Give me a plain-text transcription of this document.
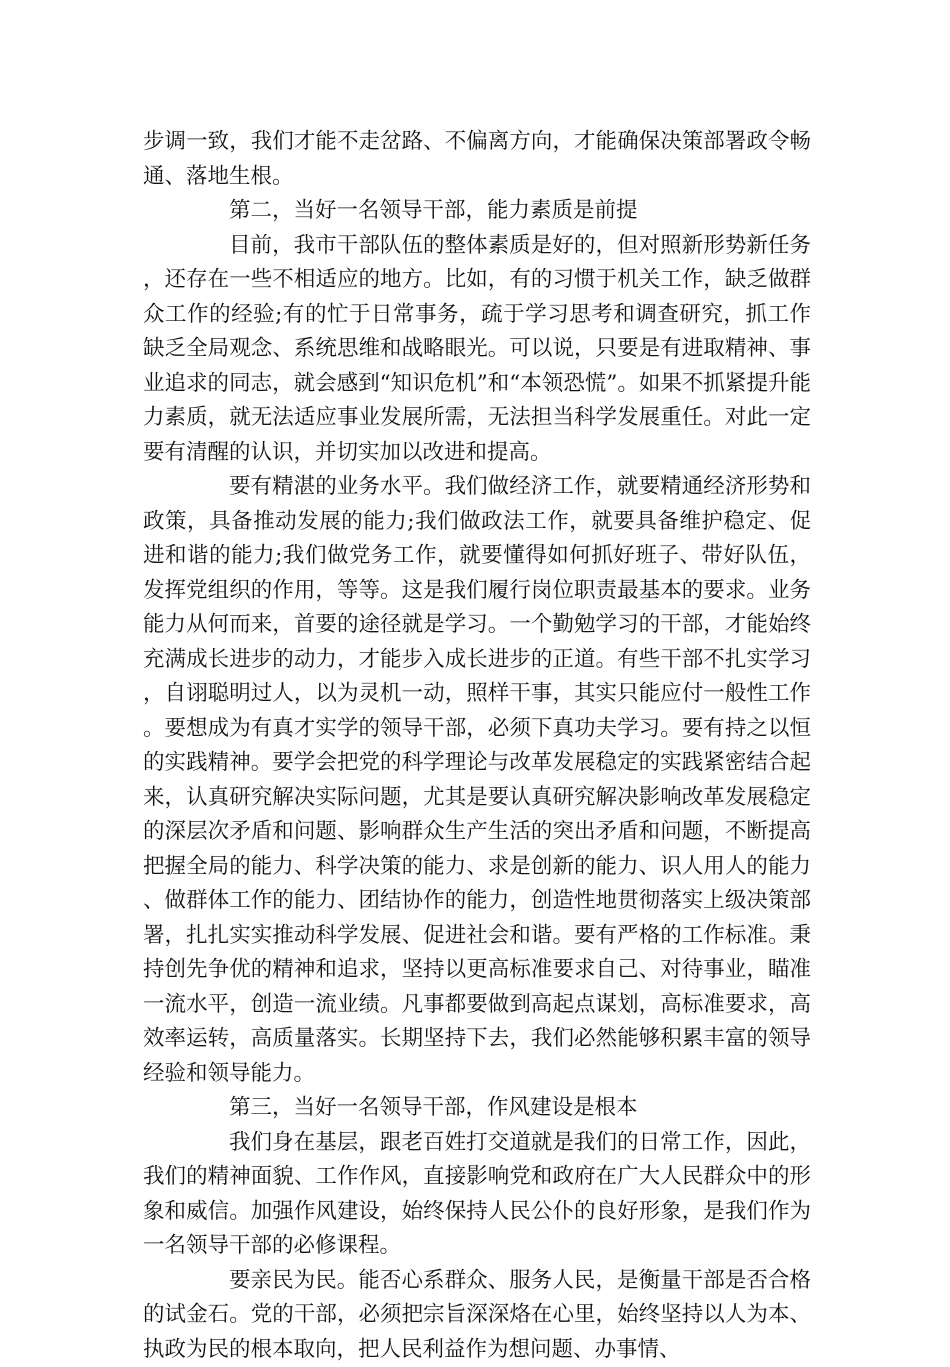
步调一致，我们才能不走岔路、不偏离方向，才能确保决策部署政令畅通、落地生根。

第二，当好一名领导干部，能力素质是前提

目前，我市干部队伍的整体素质是好的，但对照新形势新任务，还存在一些不相适应的地方。比如，有的习惯于机关工作，缺乏做群众工作的经验;有的忙于日常事务，疏于学习思考和调查研究，抓工作缺乏全局观念、系统思维和战略眼光。可以说，只要是有进取精神、事业追求的同志，就会感到“知识危机”和“本领恐慌”。如果不抓紧提升能力素质，就无法适应事业发展所需，无法担当科学发展重任。对此一定要有清醒的认识，并切实加以改进和提高。

要有精湛的业务水平。我们做经济工作，就要精通经济形势和政策，具备推动发展的能力;我们做政法工作，就要具备维护稳定、促进和谐的能力;我们做党务工作，就要懂得如何抓好班子、带好队伍，发挥党组织的作用，等等。这是我们履行岗位职责最基本的要求。业务能力从何而来，首要的途径就是学习。一个勤勉学习的干部，才能始终充满成长进步的动力，才能步入成长进步的正道。有些干部不扎实学习，自诩聪明过人，以为灵机一动，照样干事，其实只能应付一般性工作。要想成为有真才实学的领导干部，必须下真功夫学习。要有持之以恒的实践精神。要学会把党的科学理论与改革发展稳定的实践紧密结合起来，认真研究解决实际问题，尤其是要认真研究解决影响改革发展稳定的深层次矛盾和问题、影响群众生产生活的突出矛盾和问题，不断提高把握全局的能力、科学决策的能力、求是创新的能力、识人用人的能力、做群体工作的能力、团结协作的能力，创造性地贯彻落实上级决策部署，扎扎实实推动科学发展、促进社会和谐。要有严格的工作标准。秉持创先争优的精神和追求，坚持以更高标准要求自己、对待事业，瞄准一流水平，创造一流业绩。凡事都要做到高起点谋划，高标准要求，高效率运转，高质量落实。长期坚持下去，我们必然能够积累丰富的领导经验和领导能力。

第三，当好一名领导干部，作风建设是根本

我们身在基层，跟老百姓打交道就是我们的日常工作，因此，我们的精神面貌、工作作风，直接影响党和政府在广大人民群众中的形象和威信。加强作风建设，始终保持人民公仆的良好形象，是我们作为一名领导干部的必修课程。

要亲民为民。能否心系群众、服务人民，是衡量干部是否合格的试金石。党的干部，必须把宗旨深深烙在心里，始终坚持以人为本、执政为民的根本取向，把人民利益作为想问题、办事情、
